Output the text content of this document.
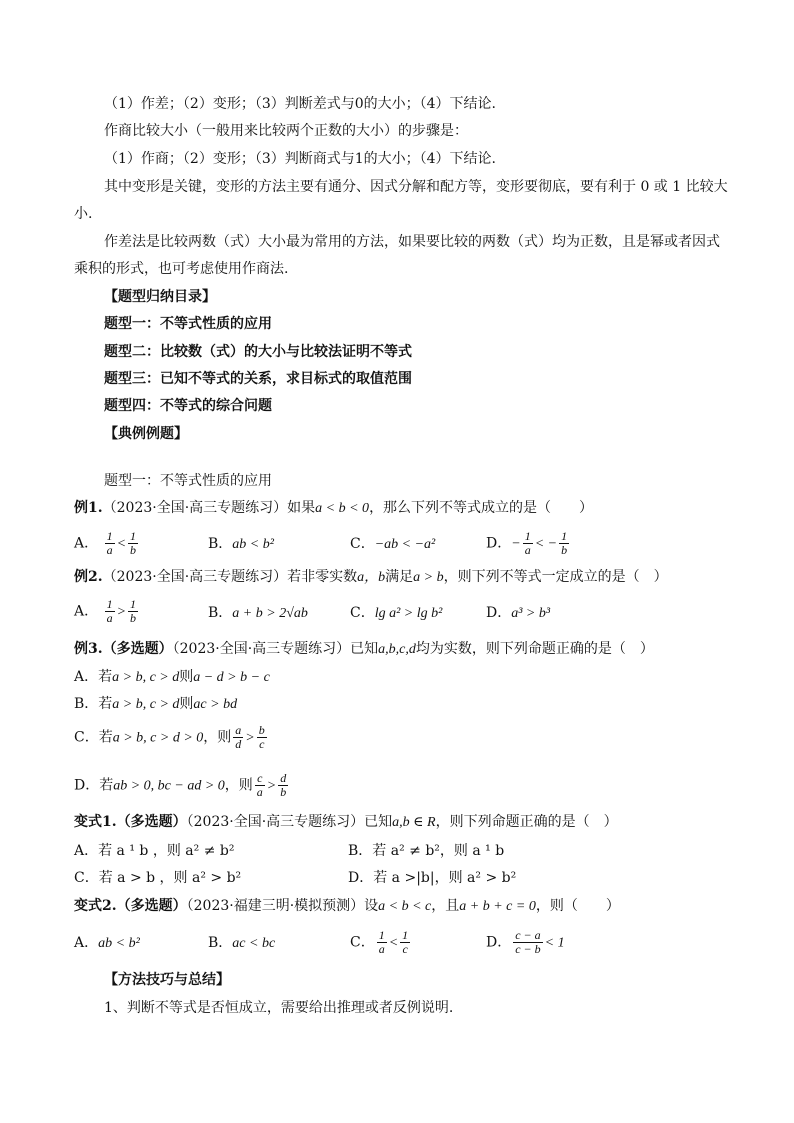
（1）作差；（2）变形；（3）判断差式与0的大小；（4）下结论.
作商比较大小（一般用来比较两个正数的大小）的步骤是：
（1）作商；（2）变形；（3）判断商式与1的大小；（4）下结论.
其中变形是关键，变形的方法主要有通分、因式分解和配方等，变形要彻底，要有利于 0 或 1 比较大
小.
作差法是比较两数（式）大小最为常用的方法，如果要比较的两数（式）均为正数，且是幂或者因式
乘积的形式，也可考虑使用作商法.
【题型归纳目录】
题型一：不等式性质的应用
题型二：比较数（式）的大小与比较法证明不等式
题型三：已知不等式的关系，求目标式的取值范围
题型四：不等式的综合问题
【典例例题】
题型一：不等式性质的应用
例1.（2023·全国·高三专题练习）如果a < b < 0，那么下列不等式成立的是（　　）
A． $\frac{1}{a} < \frac{1}{b}$	B．ab < b²	C．−ab < −a²	D．− $\frac{1}{a}$ < − $\frac{1}{b}$
例2.（2023·全国·高三专题练习）若非零实数a，b满足a > b，则下列不等式一定成立的是（　）
A． $\frac{1}{a} > \frac{1}{b}$	B．a + b > 2√ab	C．lg a² > lg b²	D．a³ > b³
例3.（多选题）（2023·全国·高三专题练习）已知a,b,c,d均为实数，则下列命题正确的是（　）
A．若a > b, c > d则a − d > b − c
B．若a > b, c > d则ac > bd
C．若a > b, c > d > 0，则 $\frac{a}{d} > \frac{b}{c}$
D．若ab > 0, bc − ad > 0，则 $\frac{c}{a} > \frac{d}{b}$
变式1.（多选题）（2023·全国·高三专题练习）已知a,b ∈ R，则下列命题正确的是（　）
A．若 a ¹ b ，则 a² ≠ b²	B．若 a² ≠ b²，则 a ¹ b
C．若 a > b ，则 a² > b²	D．若 a >|b|，则 a² > b²
变式2.（多选题）（2023·福建三明·模拟预测）设a < b < c，且a + b + c = 0，则（　　）
A．ab < b²	B．ac < bc	C． $\frac{1}{a} < \frac{1}{c}$	D． $\frac{c - a}{c - b} < 1$
【方法技巧与总结】
1、判断不等式是否恒成立，需要给出推理或者反例说明.
